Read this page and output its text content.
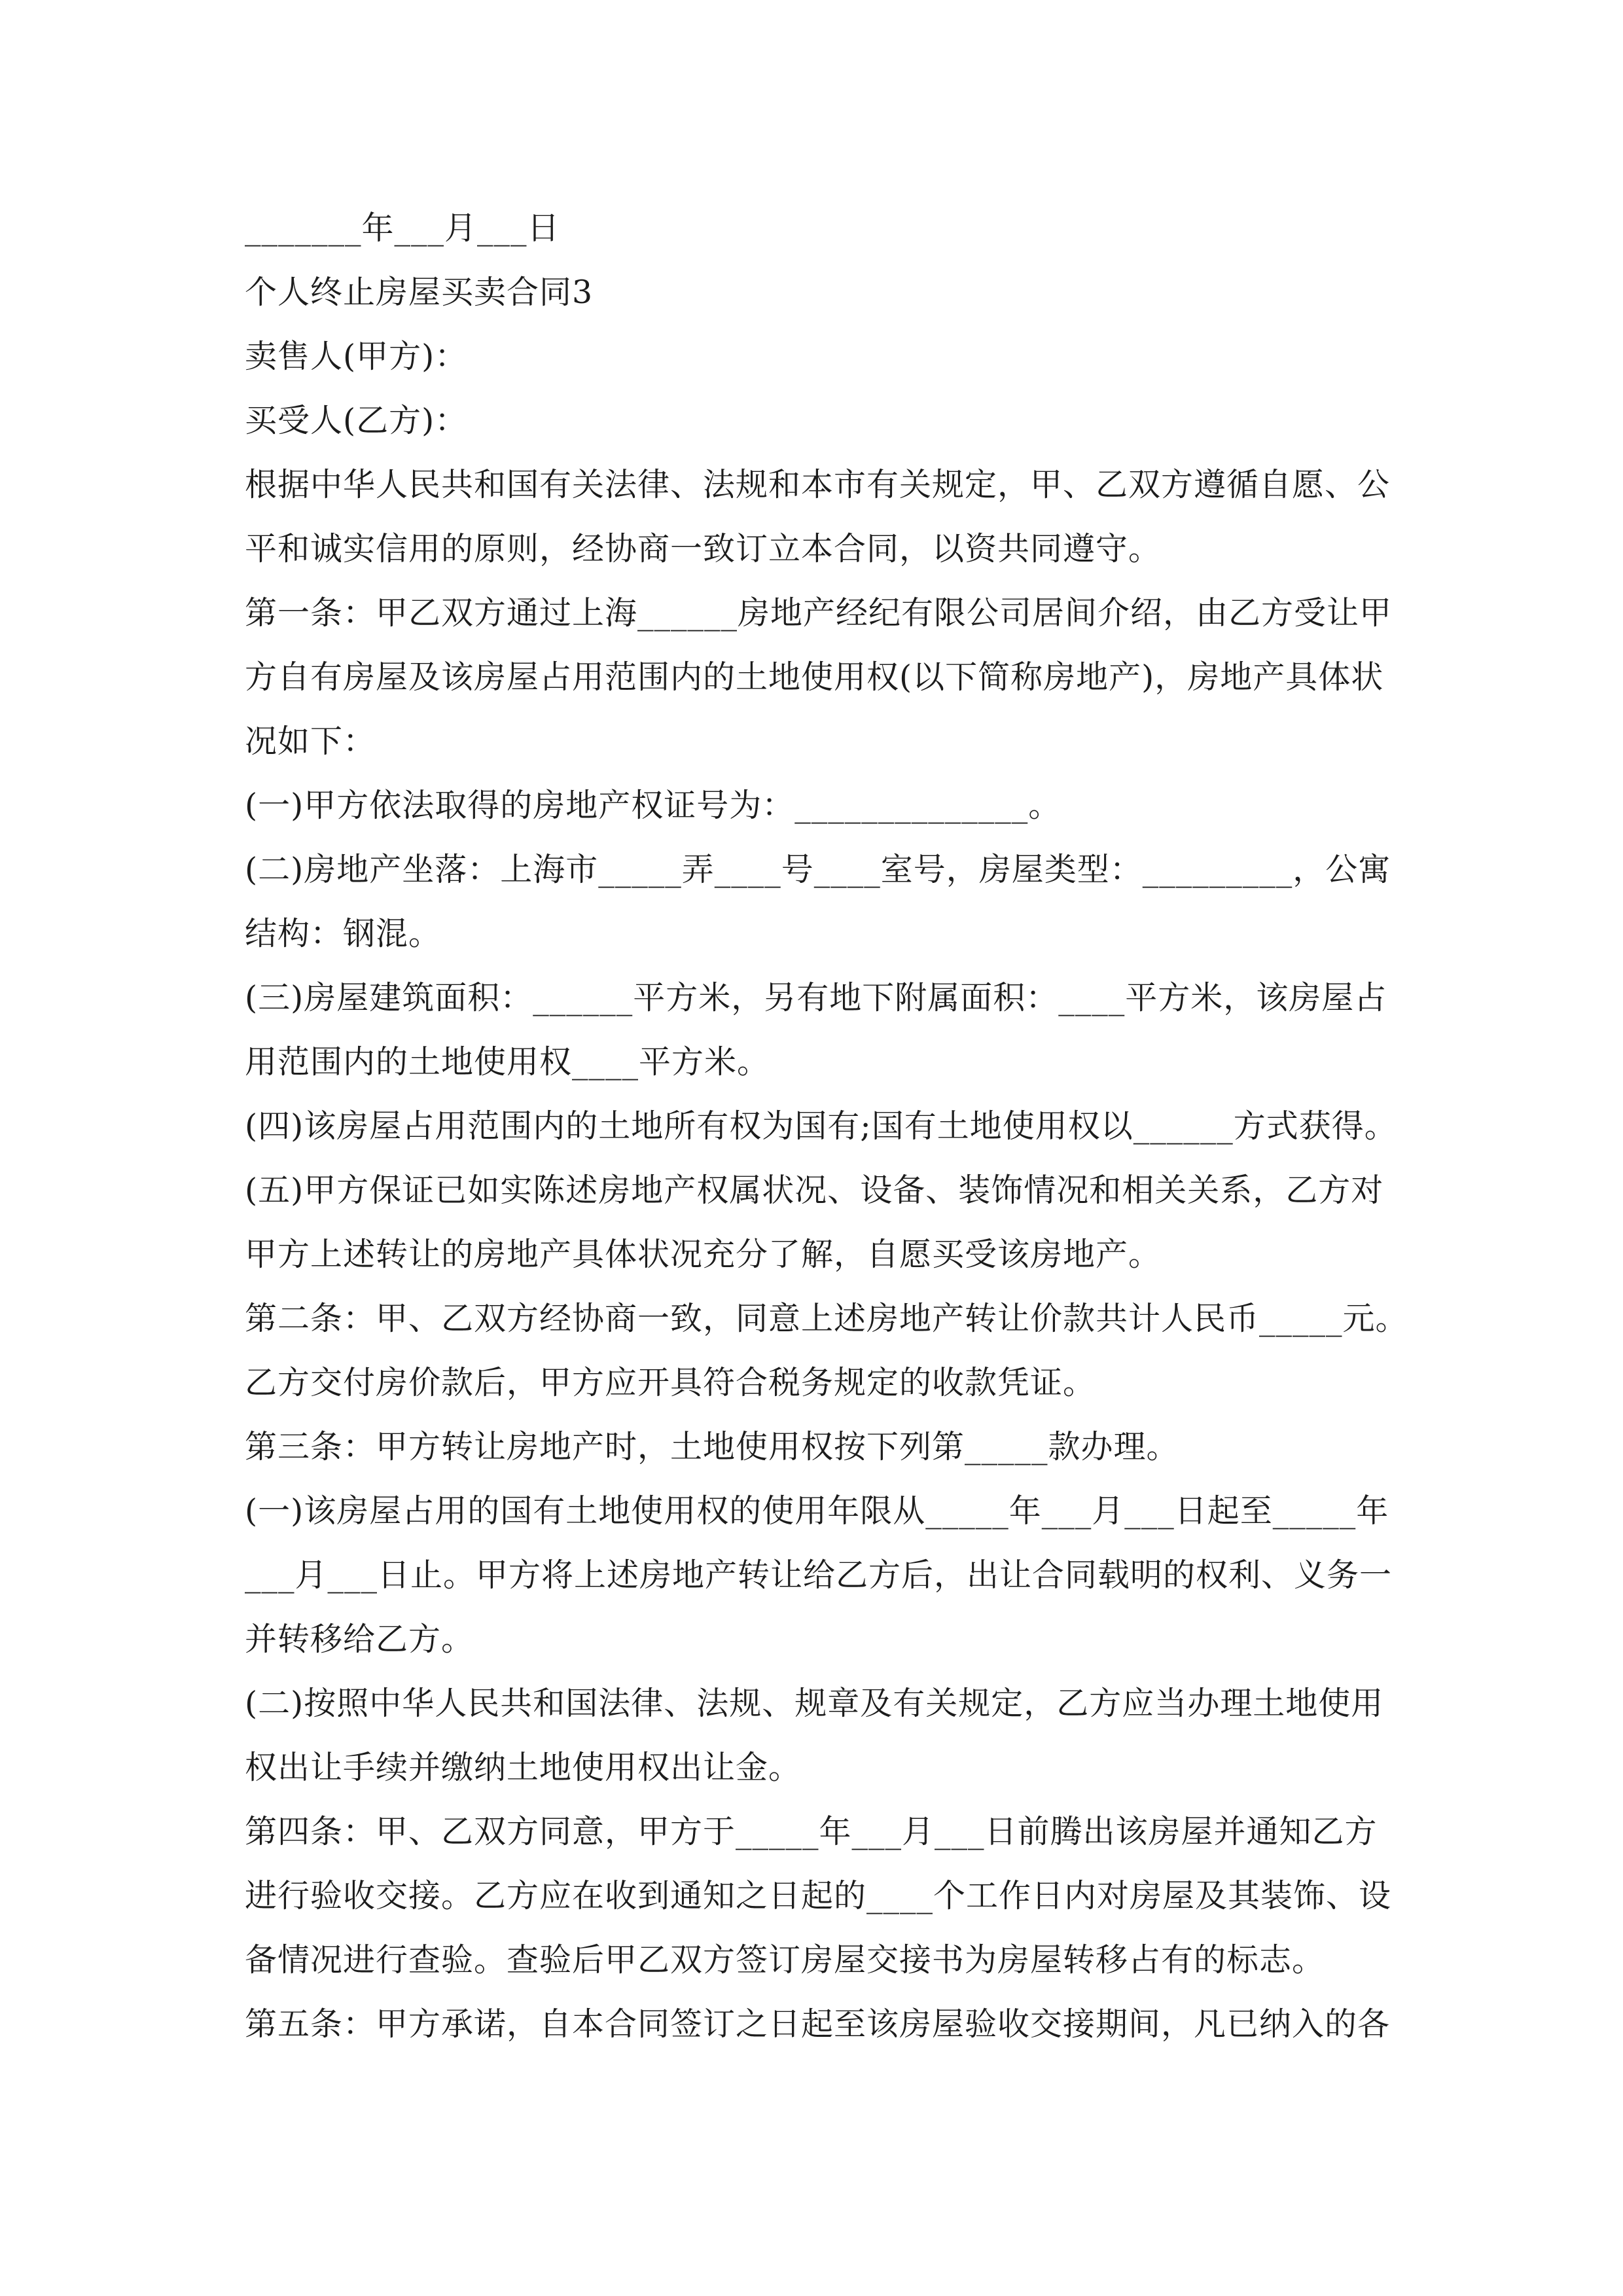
_______年___月___日
个人终止房屋买卖合同3
卖售人(甲方)：
买受人(乙方)：
根据中华人民共和国有关法律、法规和本市有关规定，甲、乙双方遵循自愿、公
平和诚实信用的原则，经协商一致订立本合同，以资共同遵守。
第一条：甲乙双方通过上海______房地产经纪有限公司居间介绍，由乙方受让甲
方自有房屋及该房屋占用范围内的土地使用权(以下简称房地产)，房地产具体状
况如下：
(一)甲方依法取得的房地产权证号为：______________。
(二)房地产坐落：上海市_____弄____号____室号，房屋类型：_________，公寓
结构：钢混。
(三)房屋建筑面积：______平方米，另有地下附属面积：____平方米，该房屋占
用范围内的土地使用权____平方米。
(四)该房屋占用范围内的土地所有权为国有;国有土地使用权以______方式获得。
(五)甲方保证已如实陈述房地产权属状况、设备、装饰情况和相关关系，乙方对
甲方上述转让的房地产具体状况充分了解，自愿买受该房地产。
第二条：甲、乙双方经协商一致，同意上述房地产转让价款共计人民币_____元。
乙方交付房价款后，甲方应开具符合税务规定的收款凭证。
第三条：甲方转让房地产时，土地使用权按下列第_____款办理。
(一)该房屋占用的国有土地使用权的使用年限从_____年___月___日起至_____年
___月___日止。甲方将上述房地产转让给乙方后，出让合同载明的权利、义务一
并转移给乙方。
(二)按照中华人民共和国法律、法规、规章及有关规定，乙方应当办理土地使用
权出让手续并缴纳土地使用权出让金。
第四条：甲、乙双方同意，甲方于_____年___月___日前腾出该房屋并通知乙方
进行验收交接。乙方应在收到通知之日起的____个工作日内对房屋及其装饰、设
备情况进行查验。查验后甲乙双方签订房屋交接书为房屋转移占有的标志。
第五条：甲方承诺，自本合同签订之日起至该房屋验收交接期间，凡已纳入的各
